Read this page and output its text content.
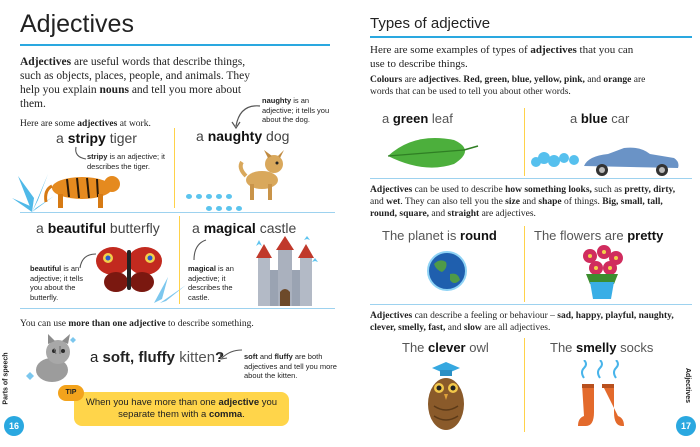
Adjectives
Adjectives are useful words that describe things, such as objects, places, people, and animals. They help you explain nouns and tell you more about them.
Here are some adjectives at work.
naughty is an adjective; it tells you about the dog.
a stripy tiger
stripy is an adjective; it describes the tiger.
a naughty dog
a beautiful butterfly
beautiful is an adjective; it tells you about the butterfly.
a magical castle
magical is an adjective; it describes the castle.
You can use more than one adjective to describe something.
a soft, fluffy kitten?	soft and fluffy are both adjectives and tell you more about the kitten.
When you have more than one adjective you separate them with a comma.
TIP
16
Parts of speech
Types of adjective
Here are some examples of types of adjectives that you can use to describe things.
Colours are adjectives. Red, green, blue, yellow, pink, and orange are words that can be used to tell you about other words.
a green leaf	a blue car
Adjectives can be used to describe how something looks, such as pretty, dirty, and wet. They can also tell you the size and shape of things. Big, small, tall, round, square, and straight are adjectives.
The planet is round	The flowers are pretty
Adjectives can describe a feeling or behaviour – sad, happy, playful, naughty, clever, smelly, fast, and slow are all adjectives.
The clever owl	The smelly socks
17
Adjectives
